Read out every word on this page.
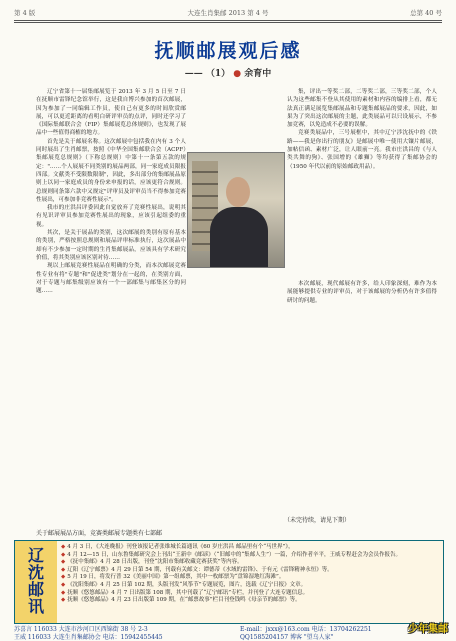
第 4 版	大连生肖集邮 2013 第 4 号	总第 40 号
抚顺邮展观后感
—— （1） ● 余育中

辽宁省第十一届集邮展览于 2013 年 3 月 5 日至 7 日在抚顺市雷锋纪念馆举行，这是我自博兴参加的首次邮展，因为参加了一同编辑工作员，使自己有更多的时间欣赏邮展，可以更近距离的看明白研评审员的点评，同时还学习了《国际集邮联合会（FIP）集邮展览总体规则》，也发现了展品中一些值得商榷的地方。

首先是关于邮展名称。这次邮展中包括我在内有 3 个人同时展出了生肖邮票，按照《中华全国集邮联合会（ACPF）集邮展览总规则》（下称总规则）中第十一条第五款的规定："……个人展展不同类别的展品两部，同一家庭成员限报四部。文献类不受限数限制"，因此，多出部分的集邮展品原则上以同一家庭成员的身份来申报的话，应该更符合规则。总规则同条第六款中又规定"评审员及评审员当不得参加竞赛性展出，可参加非竞赛性展示"。

我市的庄洪昌评委因此自觉放弃了竞赛性展出，说明其有见识评审员参加竞赛性展出的现象，应该引起组委的重视。

其次，是关于展品的类别，这次邮展的类别有原有基本的类别，严格按照总规则和展品评审标准执行，这次展品中却有不少参加一定时期的生肖集邮展品，应该具有学术研究价值，将其类别应该区别对待……

现以上邮展竞赛性展品在明确的分类，而本次邮展竞赛性专业有将"专题"和"促进类"划分在一起的，在类别方面，对于专题与邮集级别应该有一个一部邮集与邮集区分的问题……

集，评出一等奖二部，二等奖二部，三等奖二部，个人认为这些邮集不登从其使用的素材和内容的编排上看，都无法真正满足展览集邮展品和专题集邮展品的要求，因此，如果为了突出这次邮展的主题，此类展品可以只设展示，不参加竞赛，以免造成不必要的误解。

竞赛类展品中，三号展框中，其中辽宁涉沈抚中的《铁路——我是你出行的朋友》是邮展中唯一使用大镶片邮展，加帖信函、素材广泛，让人眼前一亮。我市庄洪昌的《与人类共舞的狗》、张国增的《雄狮》等均获得了集邮协会的（1950 年代以前的原始邮政用品）。

本次邮展，现代邮展有许多，给人印象深刻，难作为本展能够提供专业的评审员，对于该邮展的分析仍有许多值得研讨的问题。

关于邮展展品方面，竞赛类邮展专题类有七部邮
（未完待续，请见下期）
辽沈邮讯
◆ 4 月 3 日，《大连晚报》刊登该报记者张维城长篇通讯《60 岁庄洪昌 邮品里有个“马世界”》，
◆ 4 月 12—15 日，山东鲁集邮研究会上刊出“王新中《邮谚》（“旧邮中的“集邮人生”）一篇，介绍作者辛平，王威专程赶会为会员作报告。
◆ 《抚中集邮》4 月 28 日出版，刊登“沈阳市集邮收藏竞赛获奖”等内容。
◆ 辽阳《辽宁邮票》4 月 29 日第 54 期，刊载有关邮文：谭德蒂《水域的雷锋》、于有元《雷锋精神永恒》等。
◆ 5 月 19 日，将发行普 32《美丽中国》第一组邮票，其中一枚邮票为“盘锦湿地红海滩”。
◆ 《沈阳集邮》4 月 25 日第 102 期，头版刊发“风筝节”专题展览，图片，选载《辽宁日报》文章。
◆ 抚顺《悠悠邮品》4 月 7 日出版第 108 期，其中刊载了“辽宁邮讯”专栏，并刊登了大连专题信息。
◆ 抚顺《悠悠邮品》4 月 23 日出版第 109 期，在“邮票故事”栏目刊登钱鸣《母亲节的邮票》等。
苏喜言 116033 大连市沙河口区西锦街 38 号 2-3	E-mail：jxxx@163.com 电话：13704262251
王威 116033 大连生肖集邮协会 电话：15942455445	QQ1585204157 博客 "望乌人家"
少年集邮
